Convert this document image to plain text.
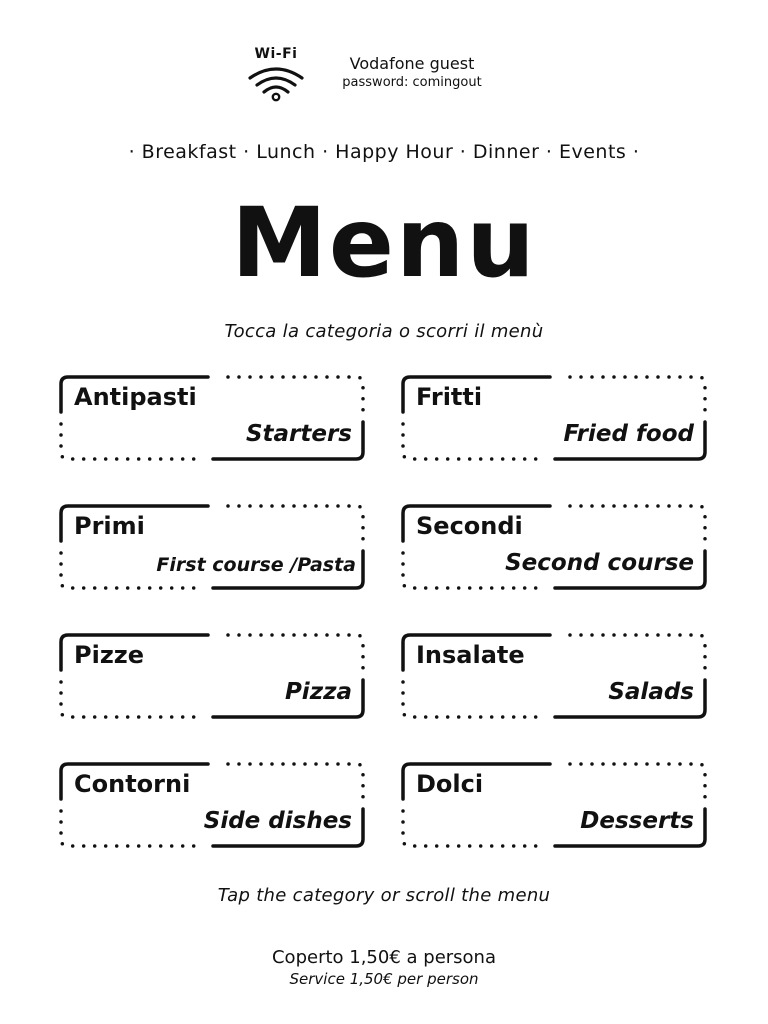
Wi-Fi	Vodafone guest
password: comingout
· Breakfast · Lunch · Happy Hour · Dinner · Events ·
Menu
Tocca la categoria o scorri il menù
Antipasti
Starters
Fritti
Fried food
Primi
First course /Pasta
Secondi
Second course
Pizze
Pizza
Insalate
Salads
Contorni
Side dishes
Dolci
Desserts
Tap the category or scroll the menu
Coperto 1,50€ a persona
Service 1,50€ per person
